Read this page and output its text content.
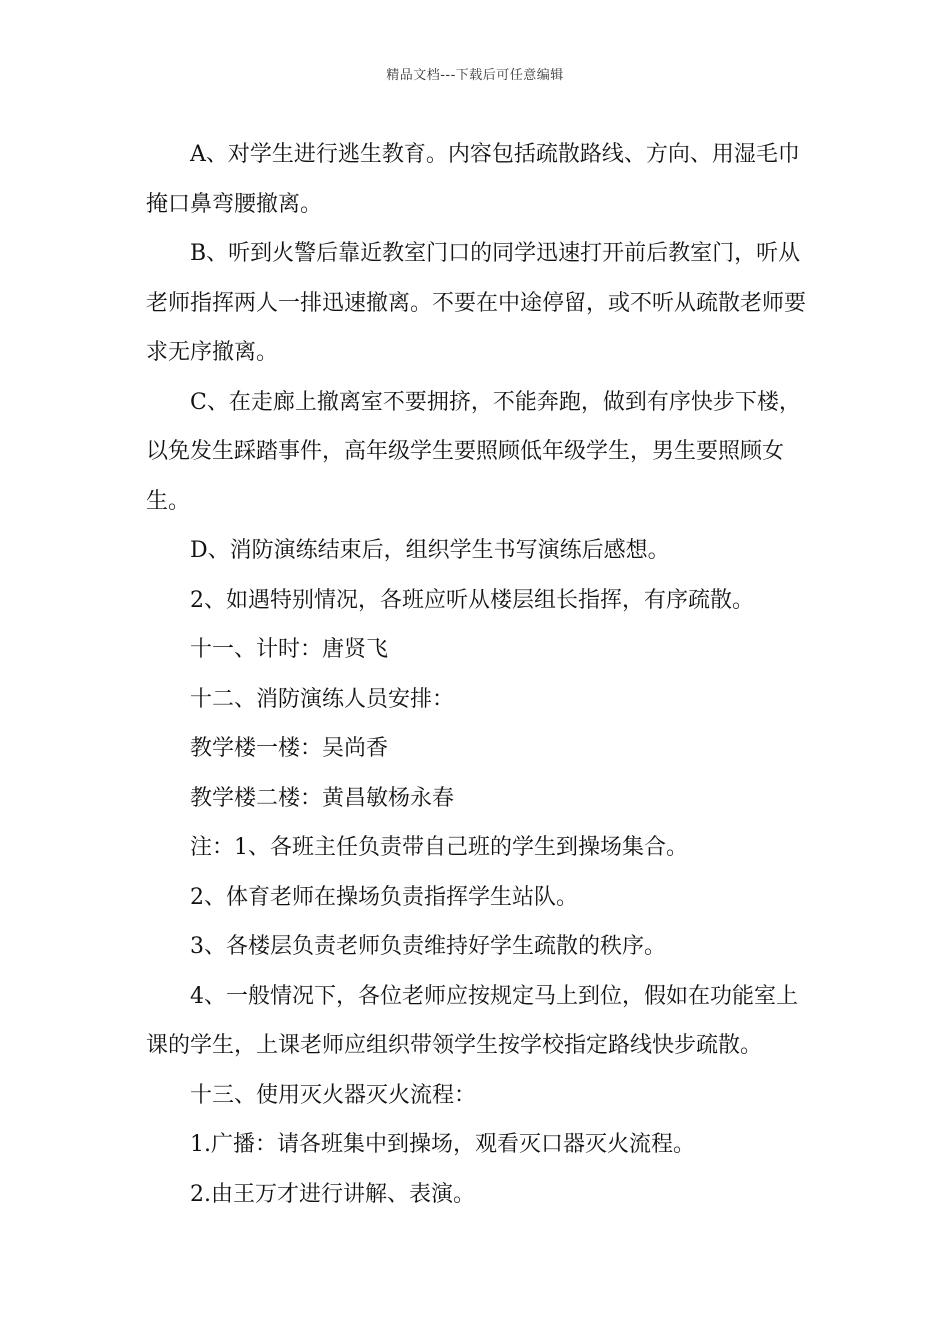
精品文档---下载后可任意编辑

A、对学生进行逃生教育。内容包括疏散路线、方向、用湿毛巾掩口鼻弯腰撤离。

B、听到火警后靠近教室门口的同学迅速打开前后教室门，听从老师指挥两人一排迅速撤离。不要在中途停留，或不听从疏散老师要求无序撤离。

C、在走廊上撤离室不要拥挤，不能奔跑，做到有序快步下楼，以免发生踩踏事件，高年级学生要照顾低年级学生，男生要照顾女生。

D、消防演练结束后，组织学生书写演练后感想。

2、如遇特别情况，各班应听从楼层组长指挥，有序疏散。

十一、计时：唐贤飞

十二、消防演练人员安排：

教学楼一楼：吴尚香

教学楼二楼：黄昌敏杨永春

注：1、各班主任负责带自己班的学生到操场集合。

2、体育老师在操场负责指挥学生站队。

3、各楼层负责老师负责维持好学生疏散的秩序。

4、一般情况下，各位老师应按规定马上到位，假如在功能室上课的学生，上课老师应组织带领学生按学校指定路线快步疏散。

十三、使用灭火器灭火流程：

1.广播：请各班集中到操场，观看灭口器灭火流程。

2.由王万才进行讲解、表演。
